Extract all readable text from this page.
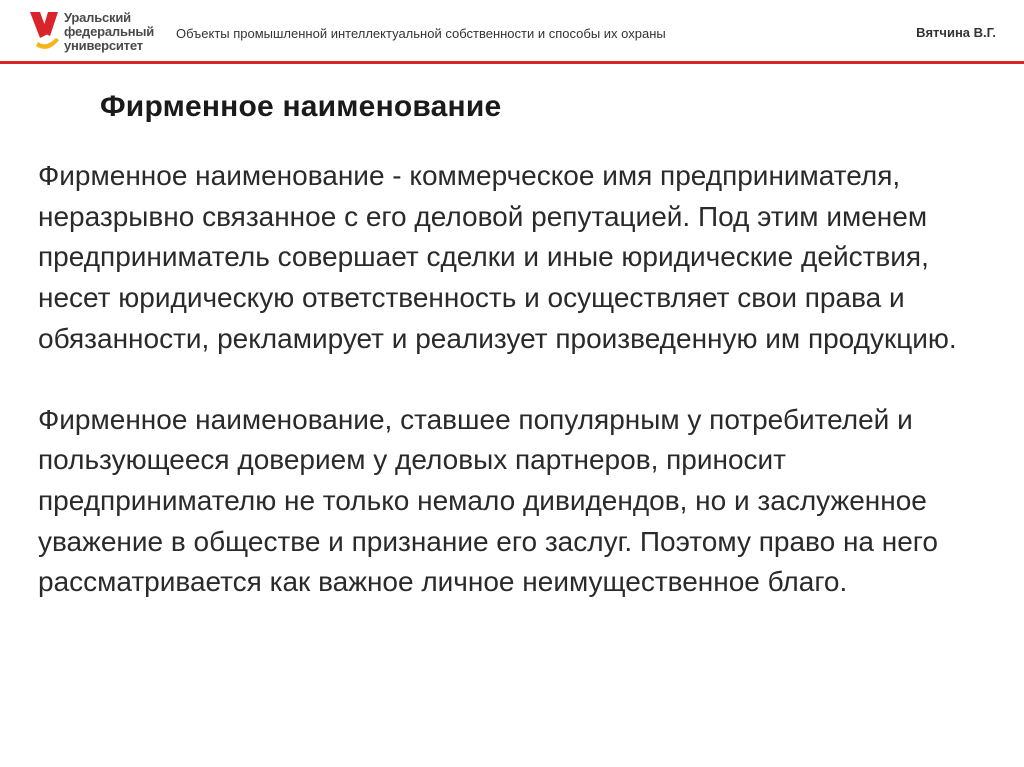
Уральский
федеральный
университет
Объекты промышленной интеллектуальной собственности и способы их охраны	Вятчина В.Г.
Фирменное наименование

Фирменное наименование - коммерческое имя предпринимателя, неразрывно связанное с его деловой репутацией. Под этим именем предприниматель совершает сделки и иные юридические действия, несет юридическую ответственность и осуществляет свои права и обязанности, рекламирует и реализует произведенную им продукцию.

Фирменное наименование, ставшее популярным у потребителей и пользующееся доверием у деловых партнеров, приносит предпринимателю не только немало дивидендов, но и заслуженное уважение в обществе и признание его заслуг. Поэтому право на него рассматривается как важное личное неимущественное благо.
